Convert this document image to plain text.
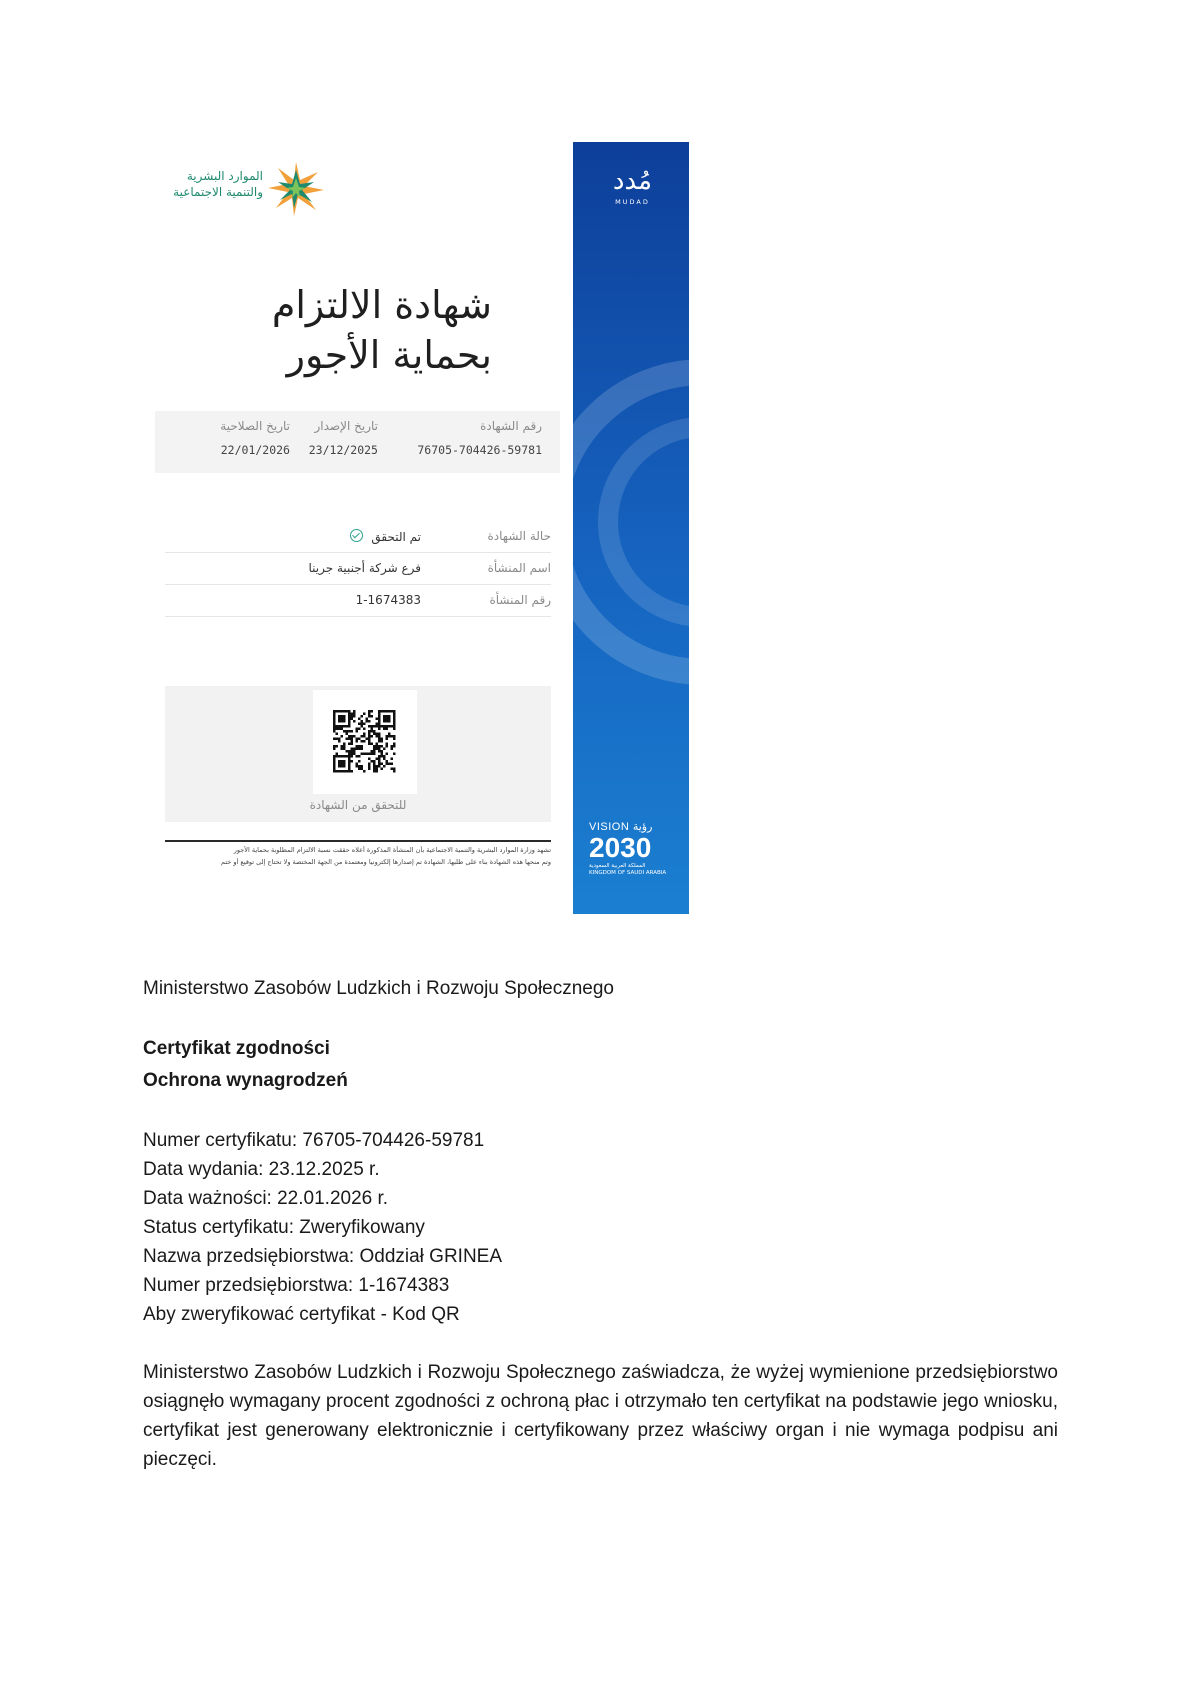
الموارد البشرية
والتنمية الاجتماعية
شهادة الالتزام
بحماية الأجور
رقم الشهادة
76705-704426-59781
تاريخ الإصدار
23/12/2025
تاريخ الصلاحية
22/01/2026
حالة الشهادة
تم التحقق
اسم المنشأة
فرع شركة أجنبية جرينا
رقم المنشأة
1-1674383
للتحقق من الشهادة
تشهد وزارة الموارد البشرية والتنمية الاجتماعية بأن المنشأة المذكورة أعلاه حققت نسبة الالتزام المطلوبة بحماية الأجور
وتم منحها هذه الشهادة بناء على طلبها، الشهادة تم إصدارها إلكترونيا ومعتمدة من الجهة المختصة ولا تحتاج إلى توقيع أو ختم
مُدد
MUDAD
VISION رؤية
2030
المملكة العربية السعودية
KINGDOM OF SAUDI ARABIA
Ministerstwo Zasobów Ludzkich i Rozwoju Społecznego
Certyfikat zgodności
Ochrona wynagrodzeń
Numer certyfikatu: 76705-704426-59781
Data wydania: 23.12.2025 r.
Data ważności: 22.01.2026 r.
Status certyfikatu: Zweryfikowany
Nazwa przedsiębiorstwa: Oddział GRINEA
Numer przedsiębiorstwa: 1-1674383
Aby zweryfikować certyfikat - Kod QR
Ministerstwo Zasobów Ludzkich i Rozwoju Społecznego zaświadcza, że wyżej wymienione przedsiębiorstwo osiągnęło wymagany procent zgodności z ochroną płac i otrzymało ten certyfikat na podstawie jego wniosku, certyfikat jest generowany elektronicznie i certyfikowany przez właściwy organ i nie wymaga podpisu ani pieczęci.
